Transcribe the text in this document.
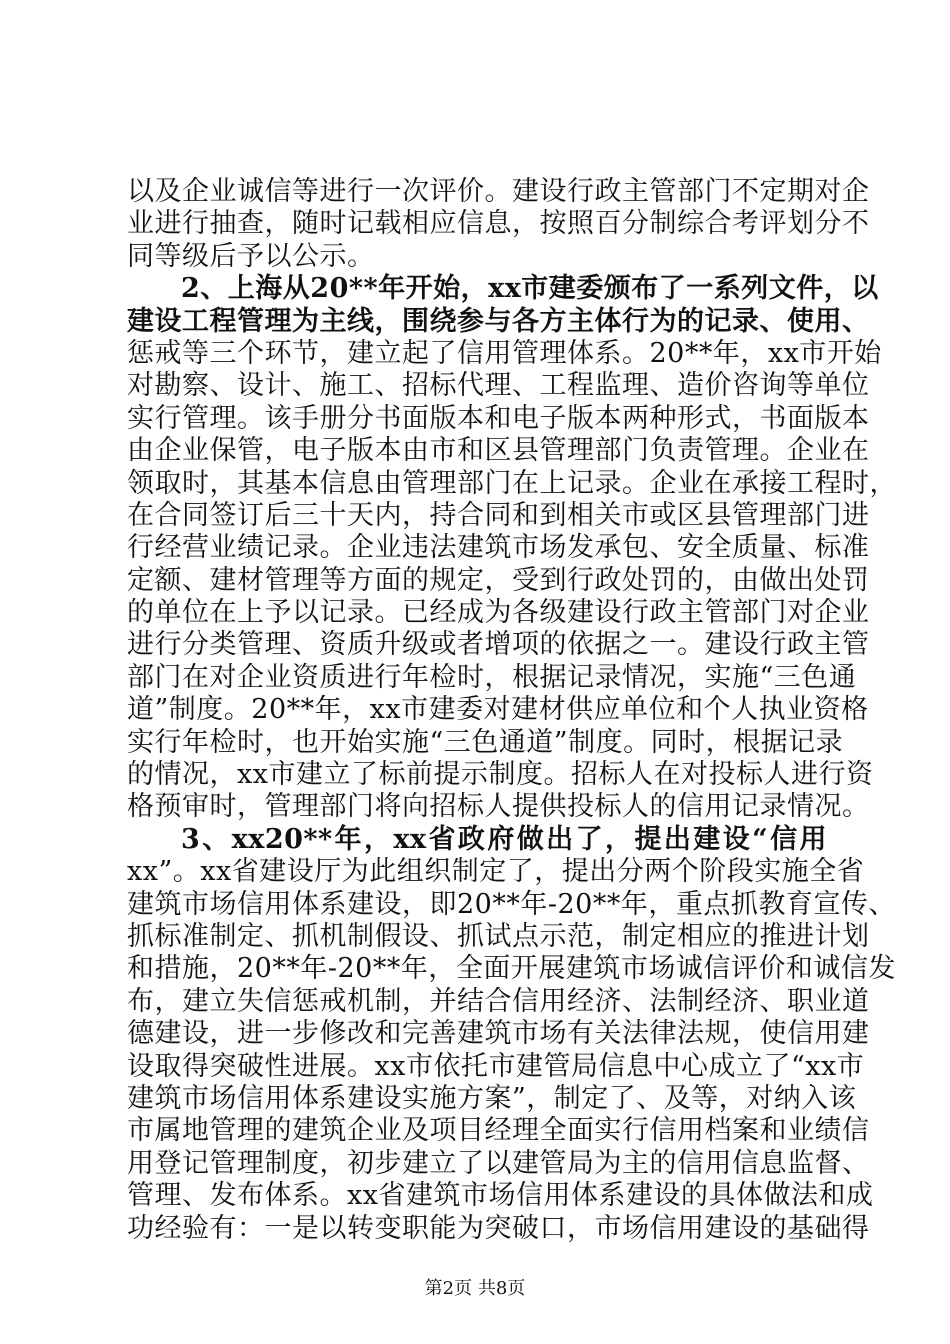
以及企业诚信等进行一次评价。建设行政主管部门不定期对企
业进行抽查，随时记载相应信息，按照百分制综合考评划分不
同等级后予以公示。
2、上海从20**年开始，xx市建委颁布了一系列文件，以
建设工程管理为主线，围绕参与各方主体行为的记录、使用、
惩戒等三个环节，建立起了信用管理体系。20**年，xx市开始
对勘察、设计、施工、招标代理、工程监理、造价咨询等单位
实行管理。该手册分书面版本和电子版本两种形式，书面版本
由企业保管，电子版本由市和区县管理部门负责管理。企业在
领取时，其基本信息由管理部门在上记录。企业在承接工程时，
在合同签订后三十天内，持合同和到相关市或区县管理部门进
行经营业绩记录。企业违法建筑市场发承包、安全质量、标准
定额、建材管理等方面的规定，受到行政处罚的，由做出处罚
的单位在上予以记录。已经成为各级建设行政主管部门对企业
进行分类管理、资质升级或者增项的依据之一。建设行政主管
部门在对企业资质进行年检时，根据记录情况，实施“三色通
道”制度。20**年，xx市建委对建材供应单位和个人执业资格
实行年检时，也开始实施“三色通道”制度。同时，根据记录
的情况，xx市建立了标前提示制度。招标人在对投标人进行资
格预审时，管理部门将向招标人提供投标人的信用记录情况。
3、xx20**年，xx省政府做出了，提出建设“信用
xx”。xx省建设厅为此组织制定了，提出分两个阶段实施全省
建筑市场信用体系建设，即20**年-20**年，重点抓教育宣传、
抓标准制定、抓机制假设、抓试点示范，制定相应的推进计划
和措施，20**年-20**年，全面开展建筑市场诚信评价和诚信发
布，建立失信惩戒机制，并结合信用经济、法制经济、职业道
德建设，进一步修改和完善建筑市场有关法律法规，使信用建
设取得突破性进展。xx市依托市建管局信息中心成立了“xx市
建筑市场信用体系建设实施方案”，制定了、及等，对纳入该
市属地管理的建筑企业及项目经理全面实行信用档案和业绩信
用登记管理制度，初步建立了以建管局为主的信用信息监督、
管理、发布体系。xx省建筑市场信用体系建设的具体做法和成
功经验有：一是以转变职能为突破口，市场信用建设的基础得
第2页 共8页
